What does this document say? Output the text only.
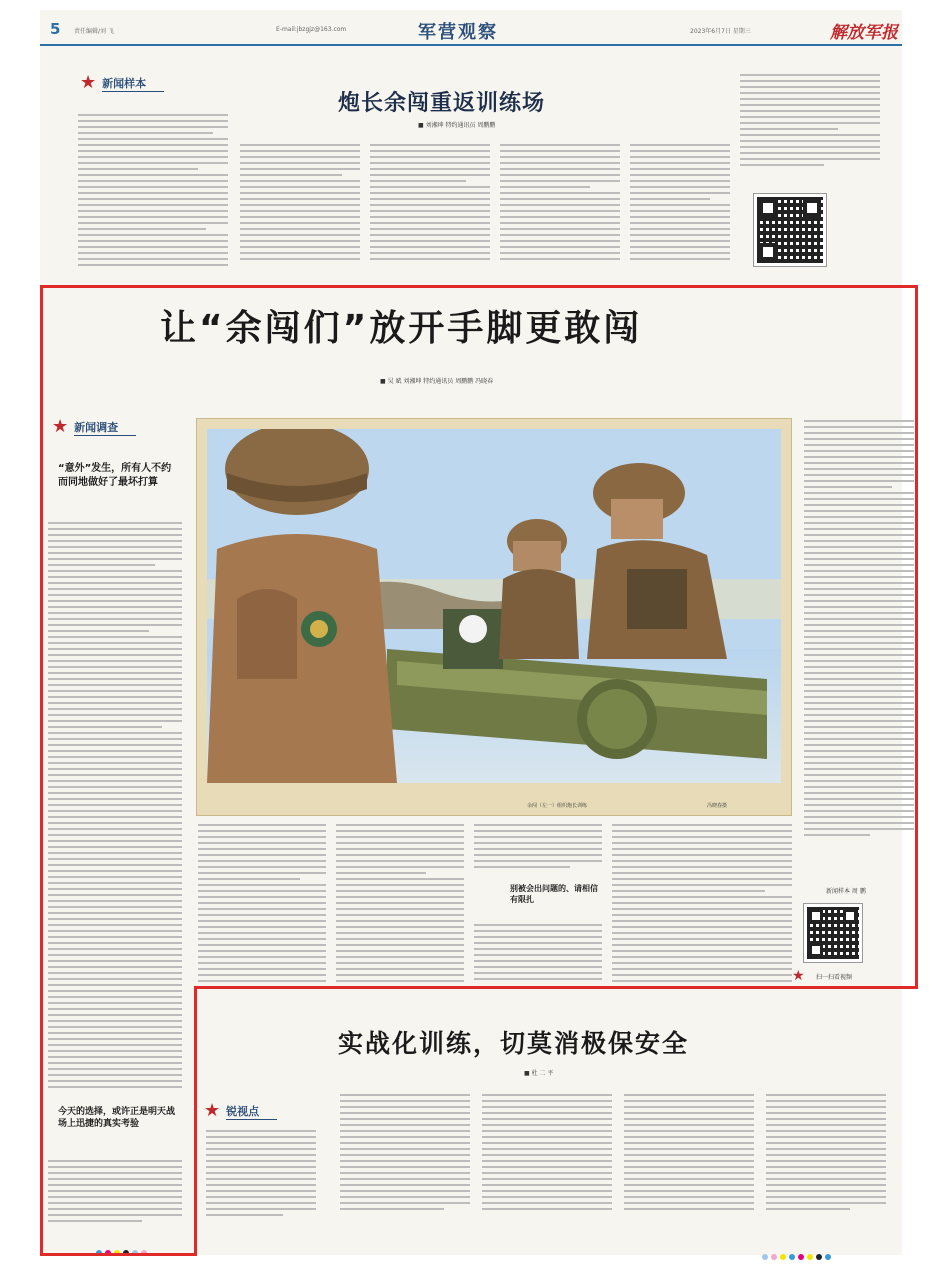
5 责任编辑/刘 飞	E-mail:jbzgjz@163.com	军营观察	2023年6月7日 星期三	解放军报
★ 新闻样本
炮长余闯重返训练场
■ 刘湘坤 特约通讯员 周鹏鹏
让“余闯们”放开手脚更敢闯
■ 吴 斌 刘湘坤 特约通讯员 周鹏鹏 冯晓春
★ 新闻调查
“意外”发生，所有人不约而同地做好了最坏打算
今天的选择，或许正是明天战场上迅捷的真实考验
余闯（左一）组织炮长训练	冯晓春摄
新闻样本 周 鹏
★ 扫一扫看视频
别被会出问题的、请相信有限扎
实战化训练，切莫消极保安全
■ 杜 二 平
★ 锐视点
